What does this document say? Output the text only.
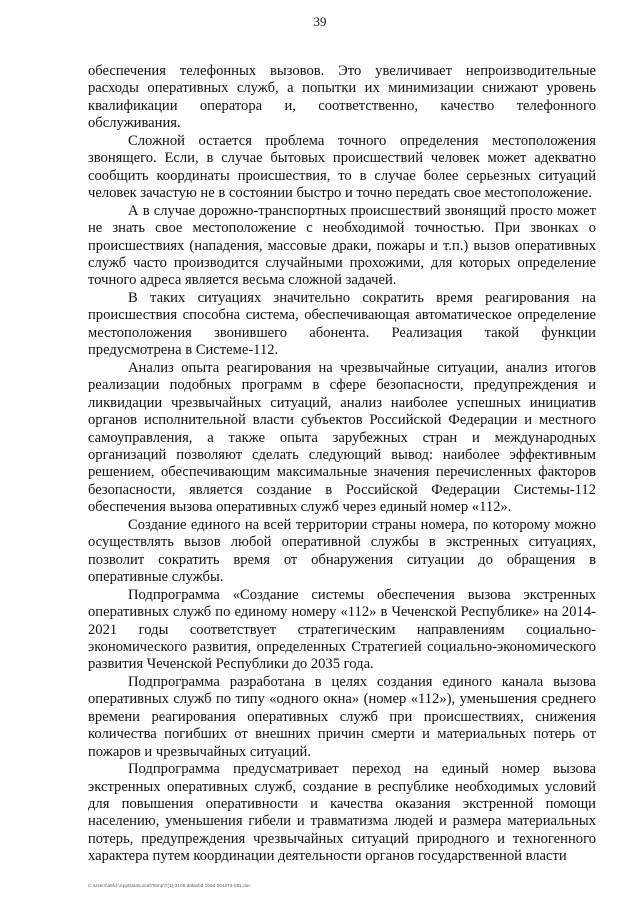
39

обеспечения телефонных вызовов. Это увеличивает непроизводительные расходы оперативных служб, а попытки их минимизации снижают уровень квалификации оператора и, соответственно, качество телефонного обслуживания.

Сложной остается проблема точного определения местоположения звонящего. Если, в случае бытовых происшествий человек может адекватно сообщить координаты происшествия, то в случае более серьезных ситуаций человек зачастую не в состоянии быстро и точно передать свое местоположение.

А в случае дорожно-транспортных происшествий звонящий просто может не знать свое местоположение с необходимой точностью. При звонках о происшествиях (нападения, массовые драки, пожары и т.п.) вызов оперативных служб часто производится случайными прохожими, для которых определение точного адреса является весьма сложной задачей.

В таких ситуациях значительно сократить время реагирования на происшествия способна система, обеспечивающая автоматическое определение местоположения звонившего абонента. Реализация такой функции предусмотрена в Системе-112.

Анализ опыта реагирования на чрезвычайные ситуации, анализ итогов реализации подобных программ в сфере безопасности, предупреждения и ликвидации чрезвычайных ситуаций, анализ наиболее успешных инициатив органов исполнительной власти субъектов Российской Федерации и местного самоуправления, а также опыта зарубежных стран и международных организаций позволяют сделать следующий вывод: наиболее эффективным решением, обеспечивающим максимальные значения перечисленных факторов безопасности, является создание в Российской Федерации Системы-112 обеспечения вызова оперативных служб через единый номер «112».

Создание единого на всей территории страны номера, по которому можно осуществлять вызов любой оперативной службы в экстренных ситуациях, позволит сократить время от обнаружения ситуации до обращения в оперативные службы.

Подпрограмма «Создание системы обеспечения вызова экстренных оперативных служб по единому номеру «112» в Чеченской Республике» на 2014-2021 годы соответствует стратегическим направлениям социально-экономического развития, определенных Стратегией социально-экономического развития Чеченской Республики до 2035 года.

Подпрограмма разработана в целях создания единого канала вызова оперативных служб по типу «одного окна» (номер «112»), уменьшения среднего времени реагирования оперативных служб при происшествиях, снижения количества погибших от внешних причин смерти и материальных потерь от пожаров и чрезвычайных ситуаций.

Подпрограмма предусматривает переход на единый номер вызова экстренных оперативных служб, создание в республике необходимых условий для повышения оперативности и качества оказания экстренной помощи населению, уменьшения гибели и травматизма людей и размера материальных потерь, предупреждения чрезвычайных ситуаций природного и техногенного характера путем координации деятельности органов государственной власти

C:\Users\a6fd-\AppData\Local\Temp\T(1)-3106 dataxbd 1b9d-004273-051.doc
